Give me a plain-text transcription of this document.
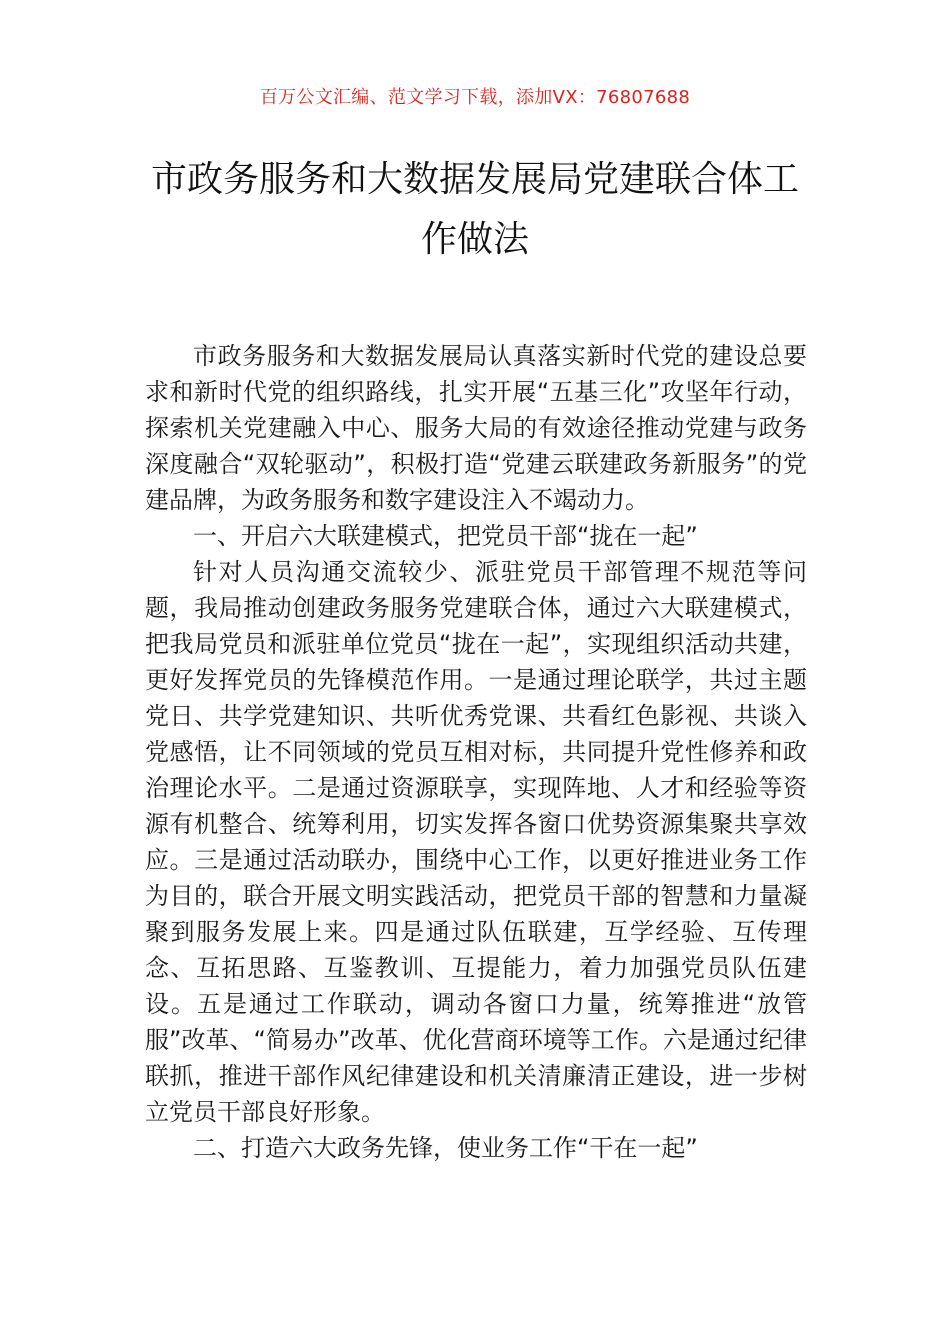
百万公文汇编、范文学习下载，添加VX：76807688
市政务服务和大数据发展局党建联合体工
作做法

市政务服务和大数据发展局认真落实新时代党的建设总要求和新时代党的组织路线，扎实开展“五基三化”攻坚年行动，探索机关党建融入中心、服务大局的有效途径推动党建与政务深度融合“双轮驱动”，积极打造“党建云联建政务新服务”的党建品牌，为政务服务和数字建设注入不竭动力。

一、开启六大联建模式，把党员干部“拢在一起”

针对人员沟通交流较少、派驻党员干部管理不规范等问题，我局推动创建政务服务党建联合体，通过六大联建模式，把我局党员和派驻单位党员“拢在一起”，实现组织活动共建，更好发挥党员的先锋模范作用。一是通过理论联学，共过主题党日、共学党建知识、共听优秀党课、共看红色影视、共谈入党感悟，让不同领域的党员互相对标，共同提升党性修养和政治理论水平。二是通过资源联享，实现阵地、人才和经验等资源有机整合、统筹利用，切实发挥各窗口优势资源集聚共享效应。三是通过活动联办，围绕中心工作，以更好推进业务工作为目的，联合开展文明实践活动，把党员干部的智慧和力量凝聚到服务发展上来。四是通过队伍联建，互学经验、互传理念、互拓思路、互鉴教训、互提能力，着力加强党员队伍建设。五是通过工作联动，调动各窗口力量，统筹推进“放管服”改革、“简易办”改革、优化营商环境等工作。六是通过纪律联抓，推进干部作风纪律建设和机关清廉清正建设，进一步树立党员干部良好形象。

二、打造六大政务先锋，使业务工作“干在一起”
